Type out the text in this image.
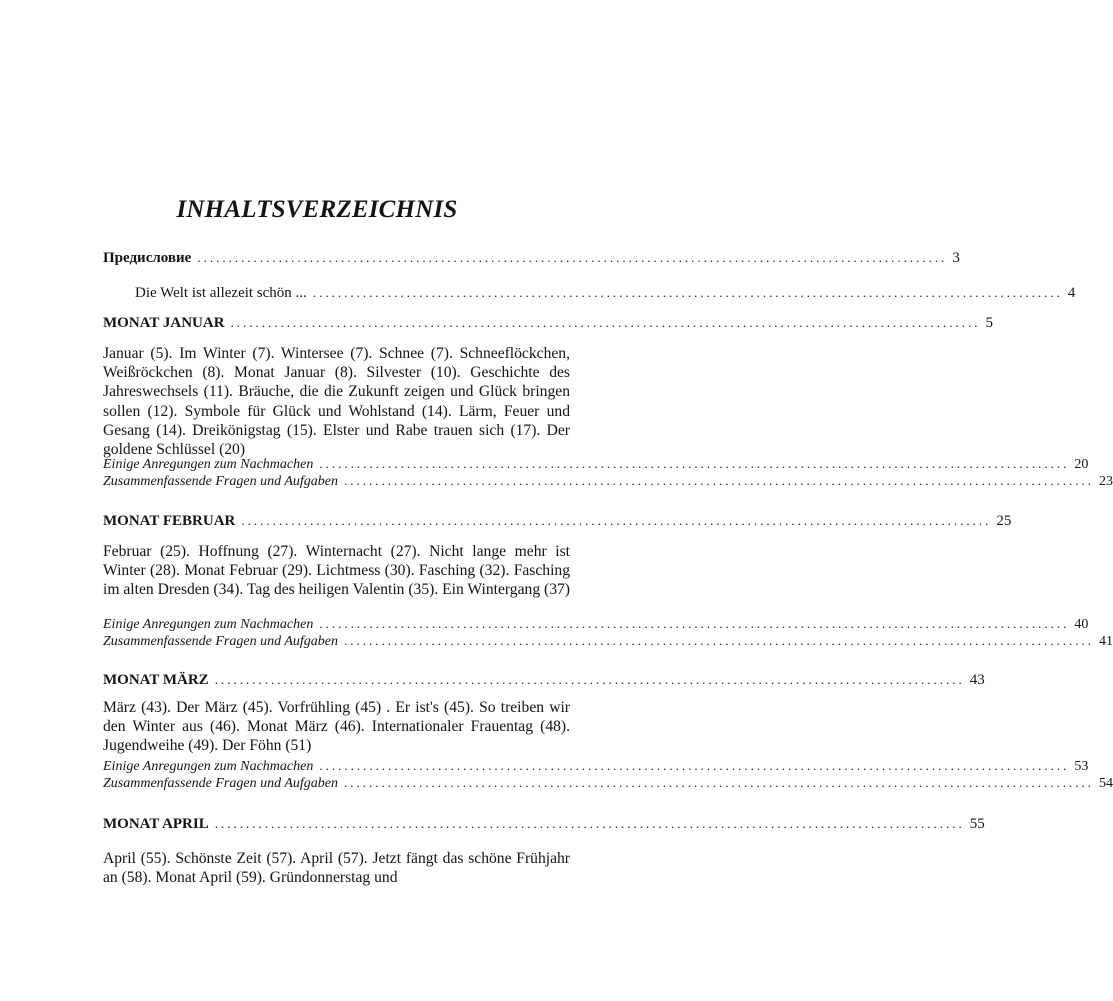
INHALTSVERZEICHNIS
Предисловие ........................................................................................................................ 3
Die Welt ist allezeit schön ... ........................................................................................................................ 4
MONAT JANUAR ........................................................................................................................ 5
Januar (5). Im Winter (7). Wintersee (7). Schnee (7). Schneeflöckchen, Weißröckchen (8). Monat Januar (8). Silvester (10). Geschichte des Jahreswechsels (11). Bräuche, die die Zukunft zeigen und Glück bringen sollen (12). Symbole für Glück und Wohlstand (14). Lärm, Feuer und Gesang (14). Dreikönigstag (15). Elster und Rabe trauen sich (17). Der goldene Schlüssel (20)
Einige Anregungen zum Nachmachen ........................................................................................................................ 20
Zusammenfassende Fragen und Aufgaben ........................................................................................................................ 23
MONAT FEBRUAR ........................................................................................................................ 25
Februar (25). Hoffnung (27). Winternacht (27). Nicht lange mehr ist Winter (28). Monat Februar (29). Lichtmess (30). Fasching (32). Fasching im alten Dresden (34). Tag des heiligen Valentin (35). Ein Wintergang (37)
Einige Anregungen zum Nachmachen ........................................................................................................................ 40
Zusammenfassende Fragen und Aufgaben ........................................................................................................................ 41
MONAT MÄRZ ........................................................................................................................ 43
März (43). Der März (45). Vorfrühling (45) . Er ist's (45). So treiben wir den Winter aus (46). Monat März (46). Internationaler Frauentag (48). Jugendweihe (49). Der Föhn (51)
Einige Anregungen zum Nachmachen ........................................................................................................................ 53
Zusammenfassende Fragen und Aufgaben ........................................................................................................................ 54
MONAT APRIL ........................................................................................................................ 55
April (55). Schönste Zeit (57). April (57). Jetzt fängt das schöne Frühjahr an (58). Monat April (59). Gründonnerstag und
